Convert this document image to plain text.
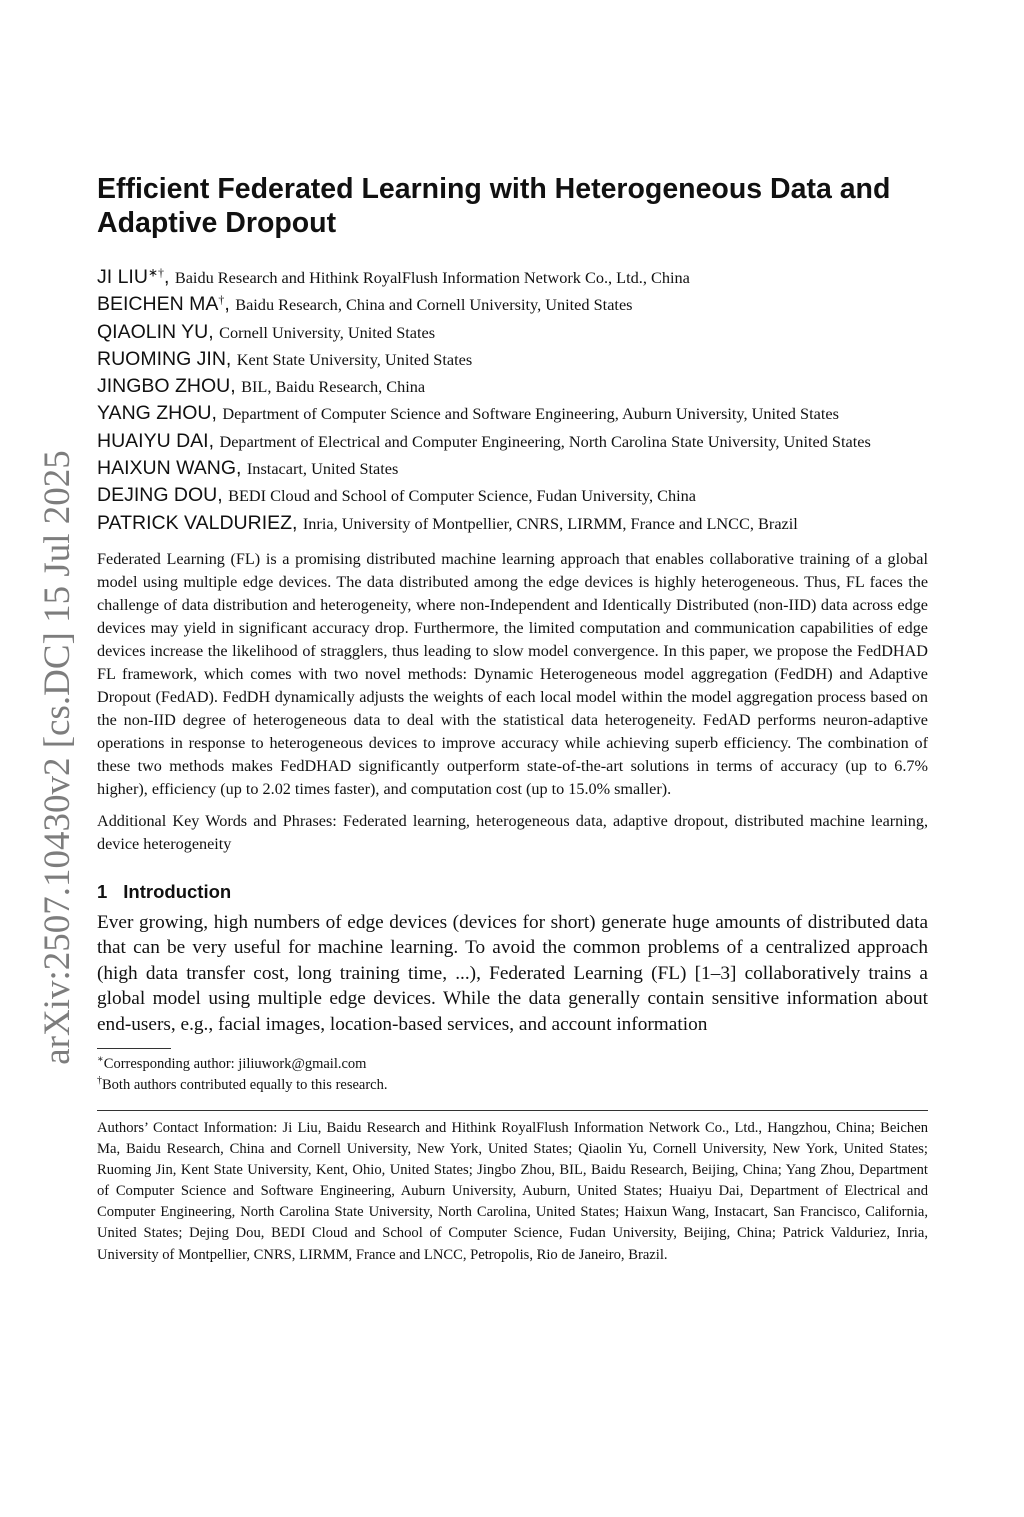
arXiv:2507.10430v2 [cs.DC] 15 Jul 2025
Efficient Federated Learning with Heterogeneous Data and Adaptive Dropout
JI LIU∗†, Baidu Research and Hithink RoyalFlush Information Network Co., Ltd., China
BEICHEN MA†, Baidu Research, China and Cornell University, United States
QIAOLIN YU, Cornell University, United States
RUOMING JIN, Kent State University, United States
JINGBO ZHOU, BIL, Baidu Research, China
YANG ZHOU, Department of Computer Science and Software Engineering, Auburn University, United States
HUAIYU DAI, Department of Electrical and Computer Engineering, North Carolina State University, United States
HAIXUN WANG, Instacart, United States
DEJING DOU, BEDI Cloud and School of Computer Science, Fudan University, China
PATRICK VALDURIEZ, Inria, University of Montpellier, CNRS, LIRMM, France and LNCC, Brazil
Federated Learning (FL) is a promising distributed machine learning approach that enables collaborative training of a global model using multiple edge devices. The data distributed among the edge devices is highly heterogeneous. Thus, FL faces the challenge of data distribution and heterogeneity, where non-Independent and Identically Distributed (non-IID) data across edge devices may yield in significant accuracy drop. Furthermore, the limited computation and communication capabilities of edge devices increase the likelihood of stragglers, thus leading to slow model convergence. In this paper, we propose the FedDHAD FL framework, which comes with two novel methods: Dynamic Heterogeneous model aggregation (FedDH) and Adaptive Dropout (FedAD). FedDH dynamically adjusts the weights of each local model within the model aggregation process based on the non-IID degree of heterogeneous data to deal with the statistical data heterogeneity. FedAD performs neuron-adaptive operations in response to heterogeneous devices to improve accuracy while achieving superb efficiency. The combination of these two methods makes FedDHAD significantly outperform state-of-the-art solutions in terms of accuracy (up to 6.7% higher), efficiency (up to 2.02 times faster), and computation cost (up to 15.0% smaller).
Additional Key Words and Phrases: Federated learning, heterogeneous data, adaptive dropout, distributed machine learning, device heterogeneity
1 Introduction

Ever growing, high numbers of edge devices (devices for short) generate huge amounts of distributed data that can be very useful for machine learning. To avoid the common problems of a centralized approach (high data transfer cost, long training time, ...), Federated Learning (FL) [1–3] collaboratively trains a global model using multiple edge devices. While the data generally contain sensitive information about end-users, e.g., facial images, location-based services, and account information

∗Corresponding author: jiliuwork@gmail.com
†Both authors contributed equally to this research.
Authors’ Contact Information: Ji Liu, Baidu Research and Hithink RoyalFlush Information Network Co., Ltd., Hangzhou, China; Beichen Ma, Baidu Research, China and Cornell University, New York, United States; Qiaolin Yu, Cornell University, New York, United States; Ruoming Jin, Kent State University, Kent, Ohio, United States; Jingbo Zhou, BIL, Baidu Research, Beijing, China; Yang Zhou, Department of Computer Science and Software Engineering, Auburn University, Auburn, United States; Huaiyu Dai, Department of Electrical and Computer Engineering, North Carolina State University, North Carolina, United States; Haixun Wang, Instacart, San Francisco, California, United States; Dejing Dou, BEDI Cloud and School of Computer Science, Fudan University, Beijing, China; Patrick Valduriez, Inria, University of Montpellier, CNRS, LIRMM, France and LNCC, Petropolis, Rio de Janeiro, Brazil.
